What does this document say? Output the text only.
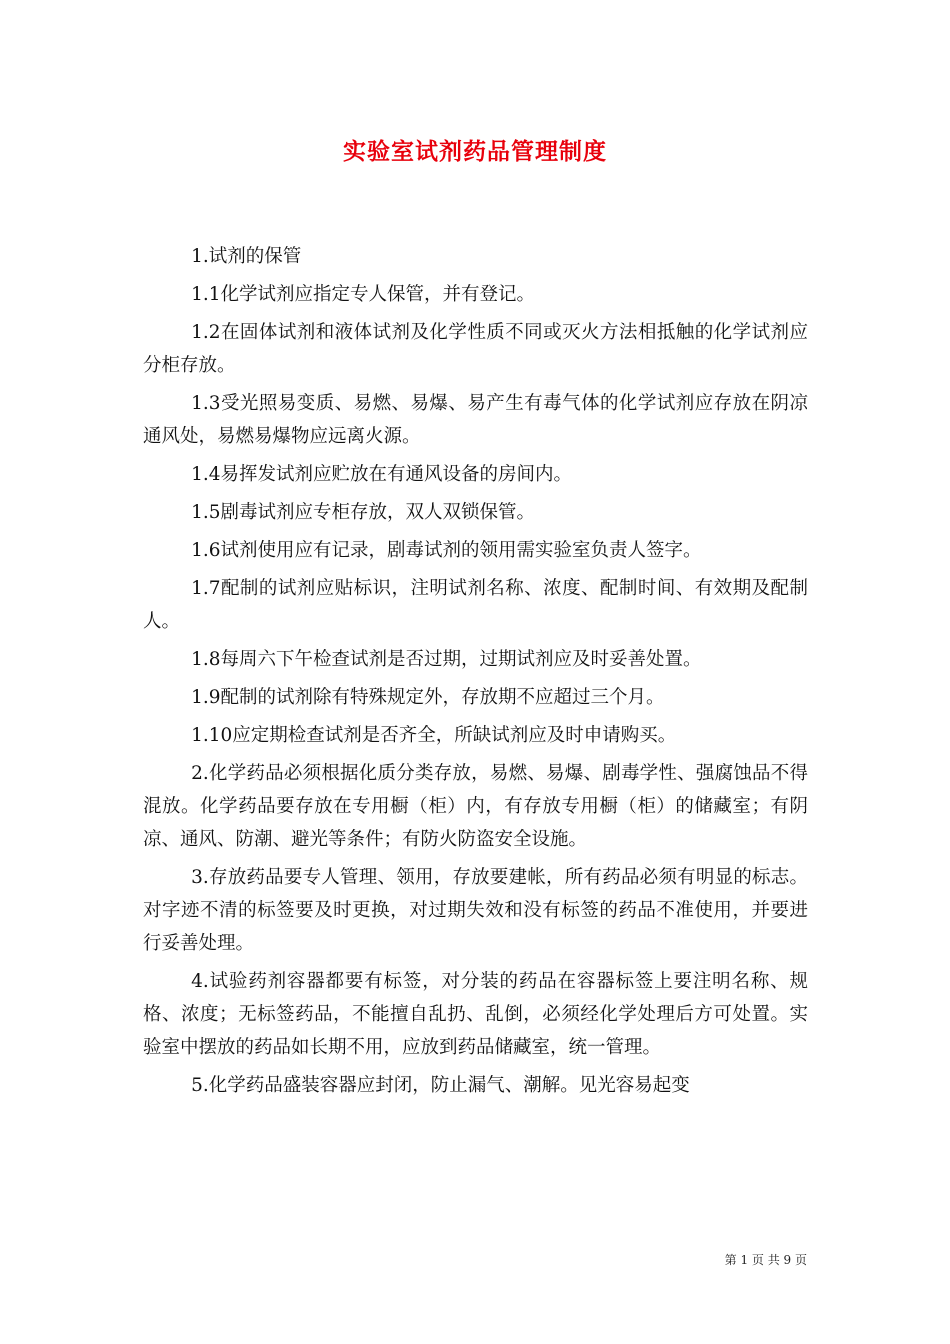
实验室试剂药品管理制度

1.试剂的保管

1.1化学试剂应指定专人保管，并有登记。

1.2在固体试剂和液体试剂及化学性质不同或灭火方法相抵触的化学试剂应分柜存放。

1.3受光照易变质、易燃、易爆、易产生有毒气体的化学试剂应存放在阴凉通风处，易燃易爆物应远离火源。

1.4易挥发试剂应贮放在有通风设备的房间内。

1.5剧毒试剂应专柜存放，双人双锁保管。

1.6试剂使用应有记录，剧毒试剂的领用需实验室负责人签字。

1.7配制的试剂应贴标识，注明试剂名称、浓度、配制时间、有效期及配制人。

1.8每周六下午检查试剂是否过期，过期试剂应及时妥善处置。

1.9配制的试剂除有特殊规定外，存放期不应超过三个月。

1.10应定期检查试剂是否齐全，所缺试剂应及时申请购买。

2.化学药品必须根据化质分类存放，易燃、易爆、剧毒学性、强腐蚀品不得混放。化学药品要存放在专用橱（柜）内，有存放专用橱（柜）的储藏室；有阴凉、通风、防潮、避光等条件；有防火防盗安全设施。

3.存放药品要专人管理、领用，存放要建帐，所有药品必须有明显的标志。对字迹不清的标签要及时更换，对过期失效和没有标签的药品不准使用，并要进行妥善处理。

4.试验药剂容器都要有标签，对分装的药品在容器标签上要注明名称、规格、浓度；无标签药品，不能擅自乱扔、乱倒，必须经化学处理后方可处置。实验室中摆放的药品如长期不用，应放到药品储藏室，统一管理。

5.化学药品盛装容器应封闭，防止漏气、潮解。见光容易起变

第 1 页 共 9 页
